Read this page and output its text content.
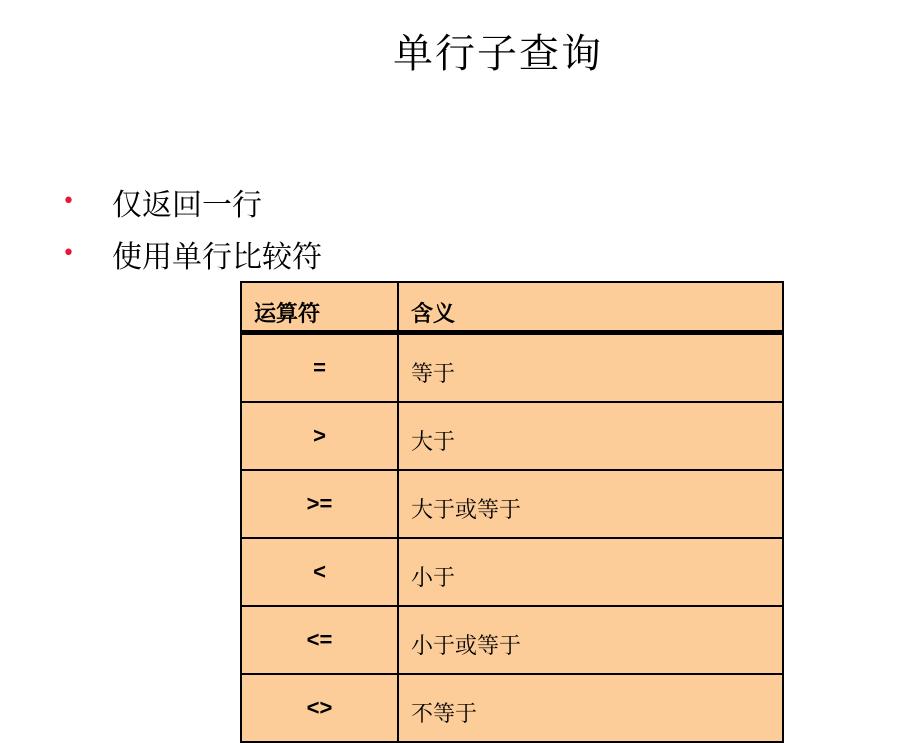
单行子查询
•	仅返回一行
•	使用单行比较符
运算符	含义
=	等于
>	大于
>=	大于或等于
<	小于
<=	小于或等于
<>	不等于
